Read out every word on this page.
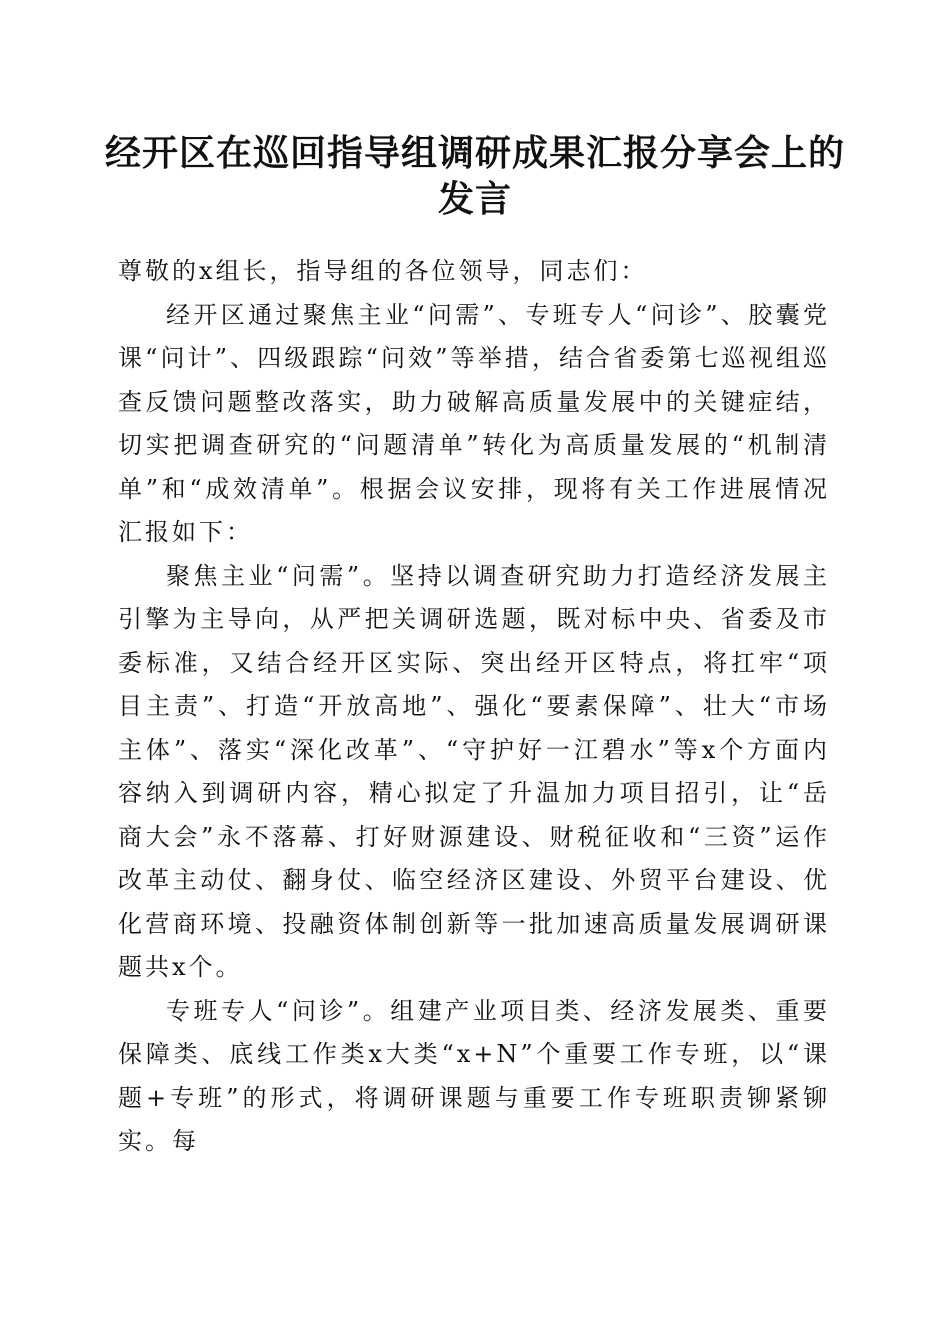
经开区在巡回指导组调研成果汇报分享会上的
发言

尊敬的x组长，指导组的各位领导，同志们：

经开区通过聚焦主业“问需”、专班专人“问诊”、胶囊党课“问计”、四级跟踪“问效”等举措，结合省委第七巡视组巡查反馈问题整改落实，助力破解高质量发展中的关键症结，切实把调查研究的“问题清单”转化为高质量发展的“机制清单”和“成效清单”。根据会议安排，现将有关工作进展情况汇报如下：

聚焦主业“问需”。坚持以调查研究助力打造经济发展主引擎为主导向，从严把关调研选题，既对标中央、省委及市委标准，又结合经开区实际、突出经开区特点，将扛牢“项目主责”、打造“开放高地”、强化“要素保障”、壮大“市场主体”、落实“深化改革”、“守护好一江碧水”等x个方面内容纳入到调研内容，精心拟定了升温加力项目招引，让“岳商大会”永不落幕、打好财源建设、财税征收和“三资”运作改革主动仗、翻身仗、临空经济区建设、外贸平台建设、优化营商环境、投融资体制创新等一批加速高质量发展调研课题共x个。

专班专人“问诊”。组建产业项目类、经济发展类、重要保障类、底线工作类x大类“x+N”个重要工作专班，以“课题+专班”的形式，将调研课题与重要工作专班职责铆紧铆实。每
